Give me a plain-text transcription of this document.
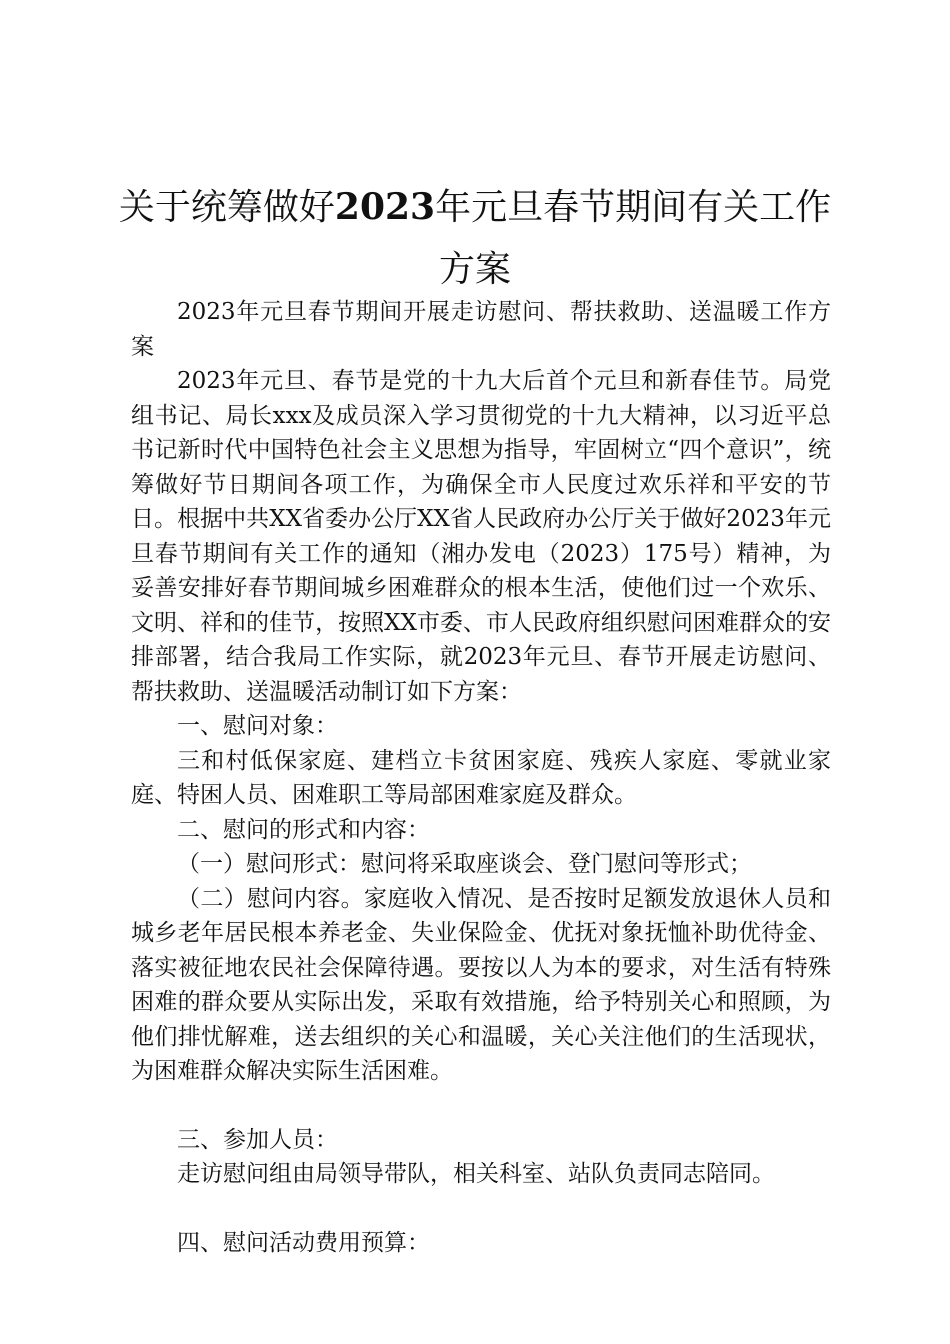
关于统筹做好2023年元旦春节期间有关工作方案

2023年元旦春节期间开展走访慰问、帮扶救助、送温暖工作方案

2023年元旦、春节是党的十九大后首个元旦和新春佳节。局党组书记、局长xxx及成员深入学习贯彻党的十九大精神，以习近平总书记新时代中国特色社会主义思想为指导，牢固树立“四个意识”，统筹做好节日期间各项工作，为确保全市人民度过欢乐祥和平安的节日。根据中共XX省委办公厅XX省人民政府办公厅关于做好2023年元旦春节期间有关工作的通知（湘办发电（2023）175号）精神，为妥善安排好春节期间城乡困难群众的根本生活，使他们过一个欢乐、文明、祥和的佳节，按照XX市委、市人民政府组织慰问困难群众的安排部署，结合我局工作实际，就2023年元旦、春节开展走访慰问、帮扶救助、送温暖活动制订如下方案：

一、慰问对象：

三和村低保家庭、建档立卡贫困家庭、残疾人家庭、零就业家庭、特困人员、困难职工等局部困难家庭及群众。

二、慰问的形式和内容：

（一）慰问形式：慰问将采取座谈会、登门慰问等形式；

（二）慰问内容。家庭收入情况、是否按时足额发放退休人员和城乡老年居民根本养老金、失业保险金、优抚对象抚恤补助优待金、落实被征地农民社会保障待遇。要按以人为本的要求，对生活有特殊困难的群众要从实际出发，采取有效措施，给予特别关心和照顾，为他们排忧解难，送去组织的关心和温暖，关心关注他们的生活现状，为困难群众解决实际生活困难。

三、参加人员：

走访慰问组由局领导带队，相关科室、站队负责同志陪同。

四、慰问活动费用预算：
